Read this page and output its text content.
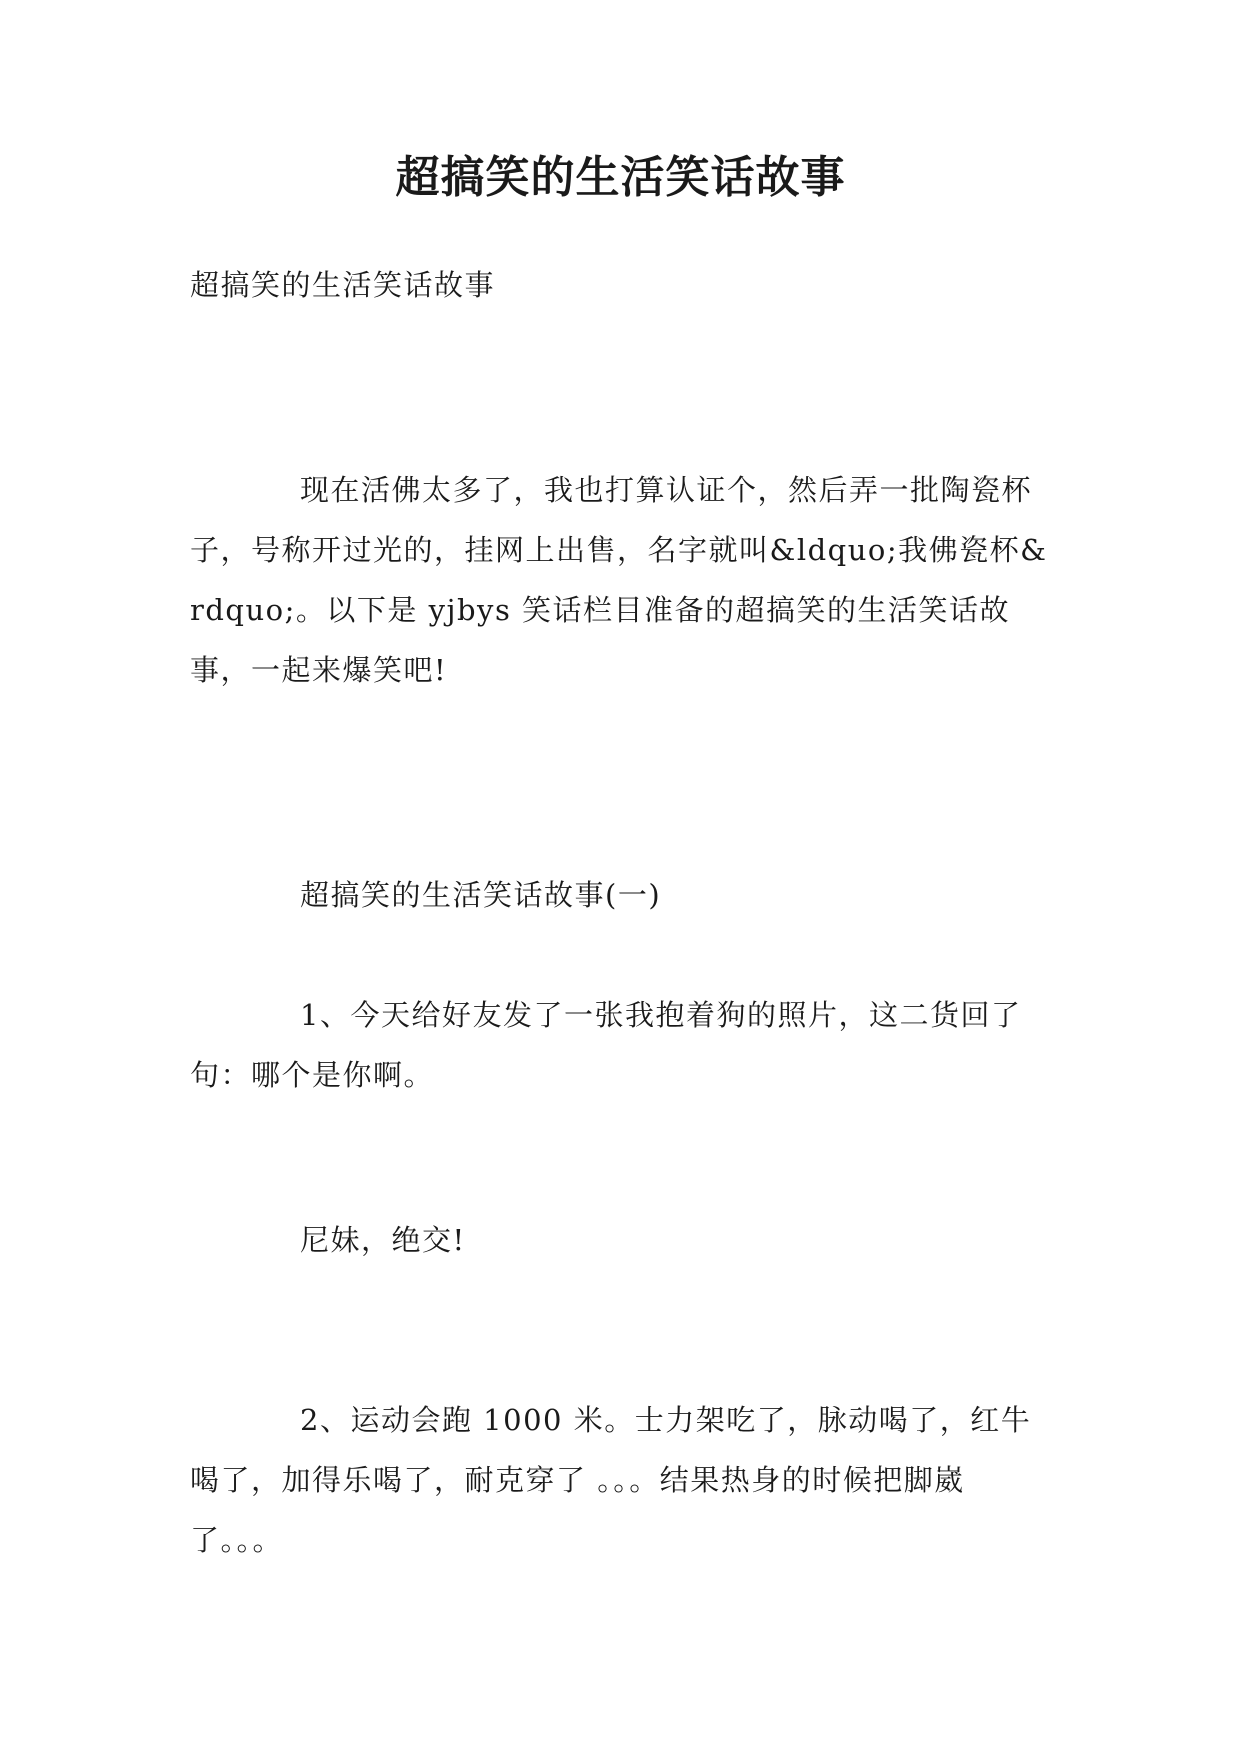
超搞笑的生活笑话故事
超搞笑的生活笑话故事
现在活佛太多了，我也打算认证个，然后弄一批陶瓷杯子，号称开过光的，挂网上出售，名字就叫&ldquo;我佛瓷杯&rdquo;。以下是 yjbys 笑话栏目准备的超搞笑的生活笑话故事，一起来爆笑吧!
超搞笑的生活笑话故事(一)
1、今天给好友发了一张我抱着狗的照片，这二货回了句：哪个是你啊。
尼妹，绝交!
2、运动会跑 1000 米。士力架吃了，脉动喝了，红牛喝了，加得乐喝了，耐克穿了 。。。结果热身的时候把脚崴了。。。
